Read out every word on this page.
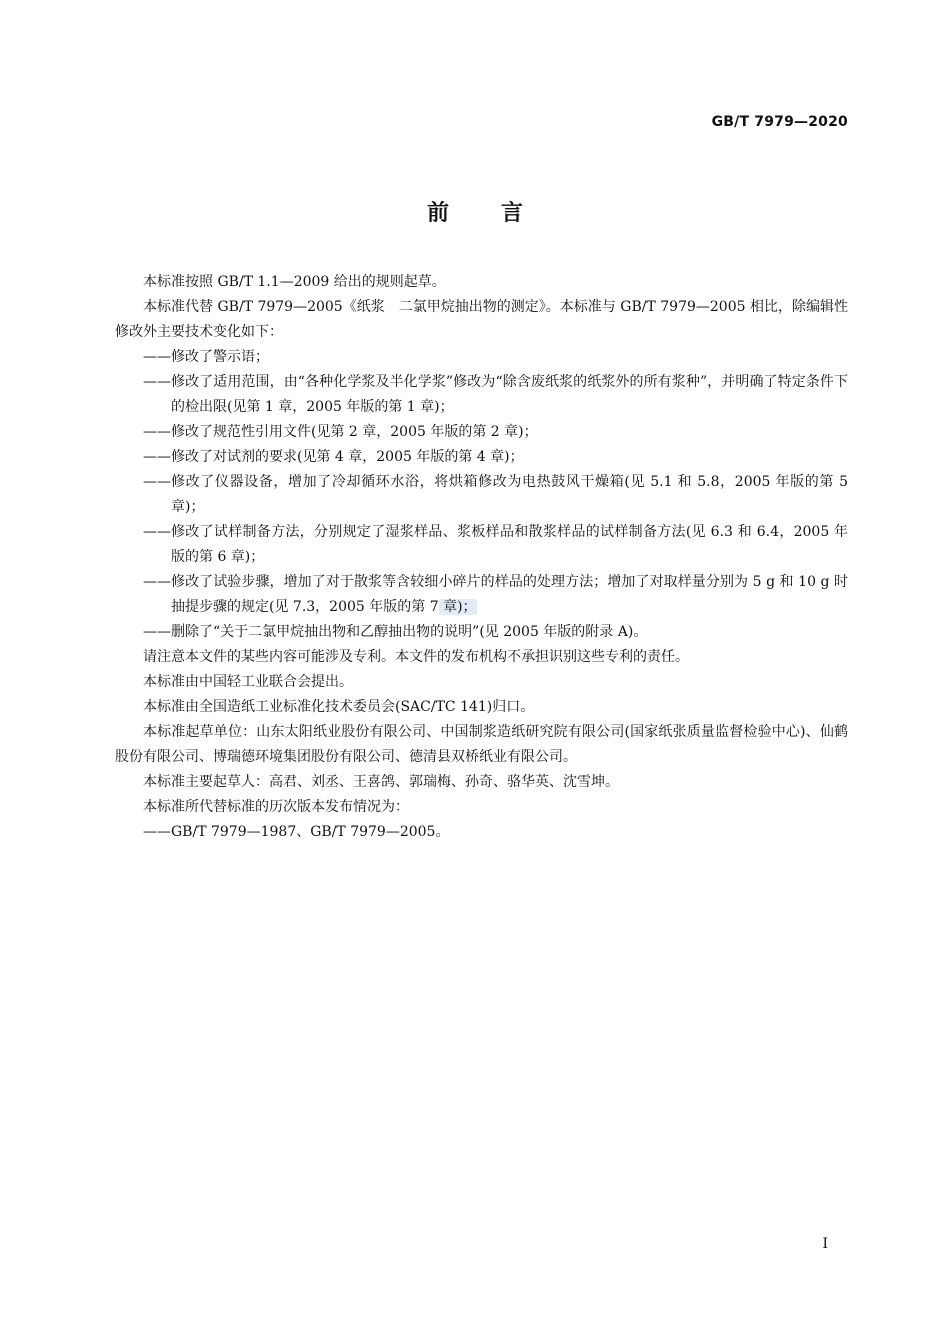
GB/T 7979—2020
前 言

本标准按照 GB/T 1.1—2009 给出的规则起草。

本标准代替 GB/T 7979—2005《纸浆　二氯甲烷抽出物的测定》。本标准与 GB/T 7979—2005 相比，除编辑性修改外主要技术变化如下：

—— 修改了警示语；
—— 修改了适用范围，由“各种化学浆及半化学浆”修改为“除含废纸浆的纸浆外的所有浆种”，并明确了特定条件下的检出限(见第 1 章，2005 年版的第 1 章)；
—— 修改了规范性引用文件(见第 2 章，2005 年版的第 2 章)；
—— 修改了对试剂的要求(见第 4 章，2005 年版的第 4 章)；
—— 修改了仪器设备，增加了冷却循环水浴，将烘箱修改为电热鼓风干燥箱(见 5.1 和 5.8，2005 年版的第 5 章)；
—— 修改了试样制备方法，分别规定了湿浆样品、浆板样品和散浆样品的试样制备方法(见 6.3 和 6.4，2005 年版的第 6 章)；
—— 修改了试验步骤，增加了对于散浆等含较细小碎片的样品的处理方法；增加了对取样量分别为 5 g 和 10 g 时抽提步骤的规定(见 7.3，2005 年版的第 7 章)；
—— 删除了“关于二氯甲烷抽出物和乙醇抽出物的说明”(见 2005 年版的附录 A)。

请注意本文件的某些内容可能涉及专利。本文件的发布机构不承担识别这些专利的责任。

本标准由中国轻工业联合会提出。

本标准由全国造纸工业标准化技术委员会(SAC/TC 141)归口。

本标准起草单位：山东太阳纸业股份有限公司、中国制浆造纸研究院有限公司(国家纸张质量监督检验中心)、仙鹤股份有限公司、博瑞德环境集团股份有限公司、德清县双桥纸业有限公司。

本标准主要起草人：高君、刘丞、王喜鸽、郭瑞梅、孙奇、骆华英、沈雪坤。

本标准所代替标准的历次版本发布情况为：

—— GB/T 7979—1987、GB/T 7979—2005。
I
